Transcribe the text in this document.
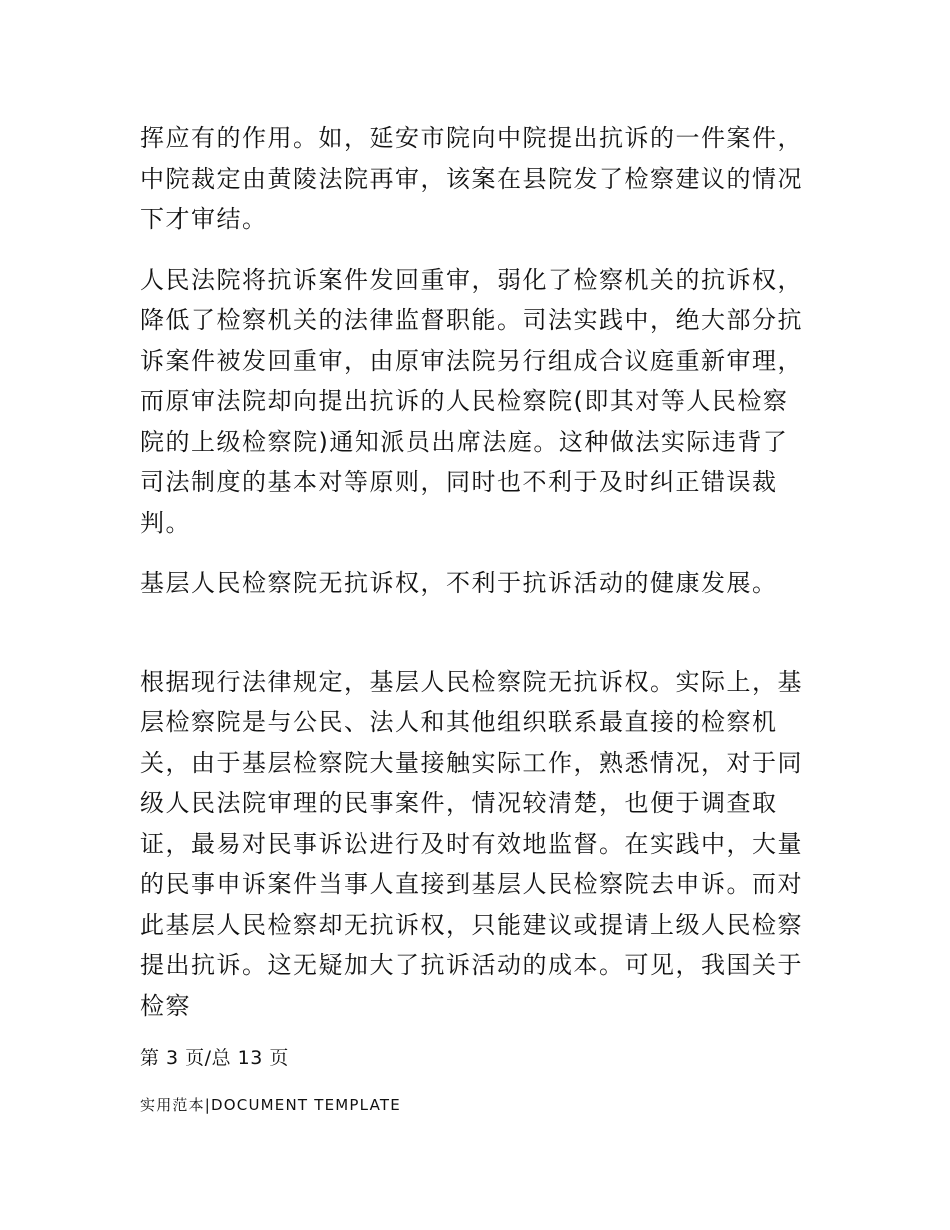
挥应有的作用。如，延安市院向中院提出抗诉的一件案件，中院裁定由黄陵法院再审，该案在县院发了检察建议的情况下才审结。

人民法院将抗诉案件发回重审，弱化了检察机关的抗诉权，降低了检察机关的法律监督职能。司法实践中，绝大部分抗诉案件被发回重审，由原审法院另行组成合议庭重新审理，而原审法院却向提出抗诉的人民检察院(即其对等人民检察院的上级检察院)通知派员出席法庭。这种做法实际违背了司法制度的基本对等原则，同时也不利于及时纠正错误裁判。

基层人民检察院无抗诉权，不利于抗诉活动的健康发展。

根据现行法律规定，基层人民检察院无抗诉权。实际上，基层检察院是与公民、法人和其他组织联系最直接的检察机关，由于基层检察院大量接触实际工作，熟悉情况，对于同级人民法院审理的民事案件，情况较清楚，也便于调查取证，最易对民事诉讼进行及时有效地监督。在实践中，大量的民事申诉案件当事人直接到基层人民检察院去申诉。而对此基层人民检察却无抗诉权，只能建议或提请上级人民检察提出抗诉。这无疑加大了抗诉活动的成本。可见，我国关于检察

第 3 页/总 13 页
实用范本|DOCUMENT TEMPLATE
